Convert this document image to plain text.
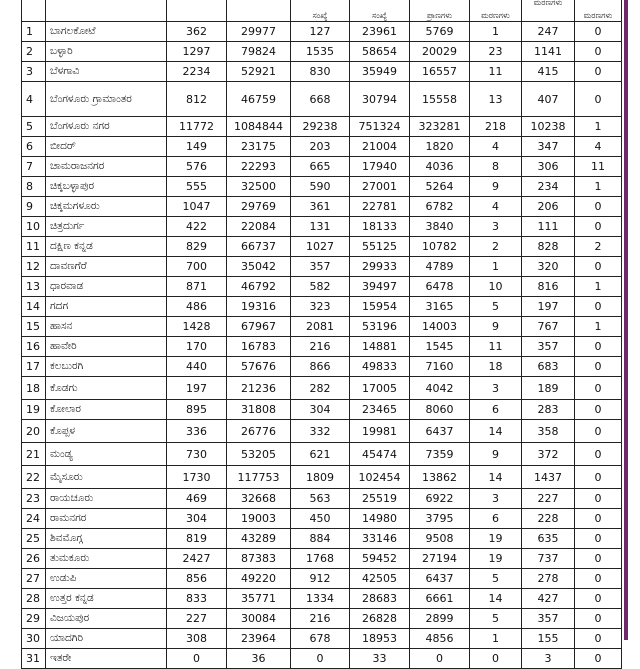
				ಸಂಖ್ಯೆ	ಸಂಖ್ಯೆ	ಪ್ರಾಣಗಳು	ಮರಣಗಳು	ಮರಣಗಳು	ಮರಣಗಳು
1	ಬಾಗಲಕೋಟೆ	362	29977	127	23961	5769	1	247	0
2	ಬಳ್ಳಾರಿ	1297	79824	1535	58654	20029	23	1141	0
3	ಬೆಳಗಾವಿ	2234	52921	830	35949	16557	11	415	0
4	ಬೆಂಗಳೂರು ಗ್ರಾಮಾಂತರ	812	46759	668	30794	15558	13	407	0
5	ಬೆಂಗಳೂರು ನಗರ	11772	1084844	29238	751324	323281	218	10238	1
6	ಬೀದರ್	149	23175	203	21004	1820	4	347	4
7	ಚಾಮರಾಜನಗರ	576	22293	665	17940	4036	8	306	11
8	ಚಿಕ್ಕಬಳ್ಳಾಪುರ	555	32500	590	27001	5264	9	234	1
9	ಚಿಕ್ಕಮಗಳೂರು	1047	29769	361	22781	6782	4	206	0
10	ಚಿತ್ರದುರ್ಗ	422	22084	131	18133	3840	3	111	0
11	ದಕ್ಷಿಣ ಕನ್ನಡ	829	66737	1027	55125	10782	2	828	2
12	ದಾವಣಗೆರೆ	700	35042	357	29933	4789	1	320	0
13	ಧಾರವಾಡ	871	46792	582	39497	6478	10	816	1
14	ಗದಗ	486	19316	323	15954	3165	5	197	0
15	ಹಾಸನ	1428	67967	2081	53196	14003	9	767	1
16	ಹಾವೇರಿ	170	16783	216	14881	1545	11	357	0
17	ಕಲಬುರಗಿ	440	57676	866	49833	7160	18	683	0
18	ಕೊಡಗು	197	21236	282	17005	4042	3	189	0
19	ಕೋಲಾರ	895	31808	304	23465	8060	6	283	0
20	ಕೊಪ್ಪಳ	336	26776	332	19981	6437	14	358	0
21	ಮಂಡ್ಯ	730	53205	621	45474	7359	9	372	0
22	ಮೈಸೂರು	1730	117753	1809	102454	13862	14	1437	0
23	ರಾಯಚೂರು	469	32668	563	25519	6922	3	227	0
24	ರಾಮನಗರ	304	19003	450	14980	3795	6	228	0
25	ಶಿವಮೊಗ್ಗ	819	43289	884	33146	9508	19	635	0
26	ತುಮಕೂರು	2427	87383	1768	59452	27194	19	737	0
27	ಉಡುಪಿ	856	49220	912	42505	6437	5	278	0
28	ಉತ್ತರ ಕನ್ನಡ	833	35771	1334	28683	6661	14	427	0
29	ವಿಜಯಪುರ	227	30084	216	26828	2899	5	357	0
30	ಯಾದಗಿರಿ	308	23964	678	18953	4856	1	155	0
31	ಇತರೇ	0	36	0	33	0	0	3	0
